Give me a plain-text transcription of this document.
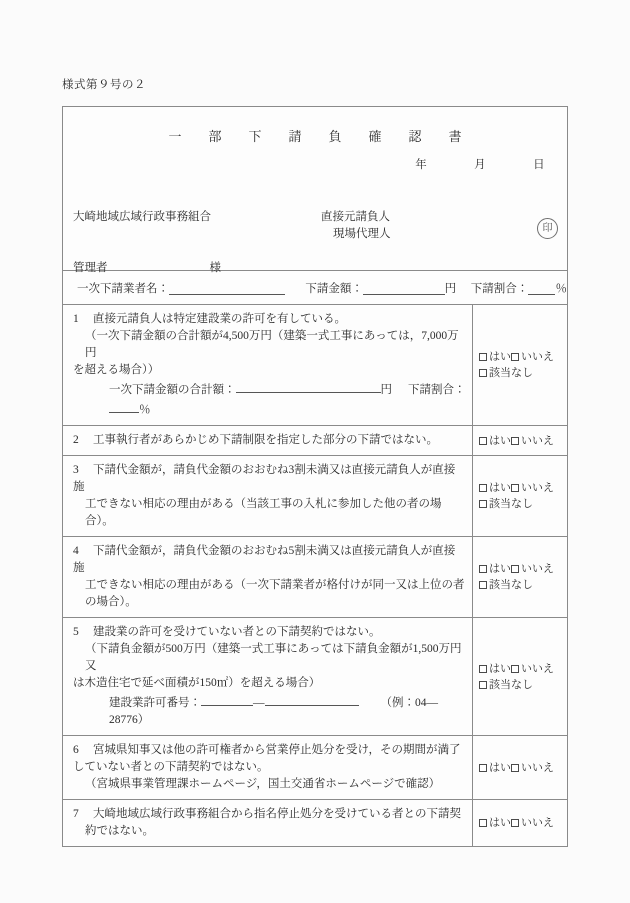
様式第９号の２
一　部　下　請　負　確　認　書
年　　　　月　　　　日

大崎地域広域行政事務組合

管理者	様

直接元請負人
現場代理人	印
一次下請業者名：	下請金額：	円 下請割合： ％
1 直接元請負人は特定建設業の許可を有している。
（一次下請金額の合計額が4,500万円（建築一式工事にあっては，7,000万円
を超える場合））
一次下請金額の合計額：	円 下請割合：％
はい いいえ
該当なし
2 工事執行者があらかじめ下請制限を指定した部分の下請ではない。	はい いいえ
3 下請代金額が，請負代金額のおおむね3割未満又は直接元請負人が直接施
工できない相応の理由がある（当該工事の入札に参加した他の者の場合）。
はい いいえ
該当なし
4 下請代金額が，請負代金額のおおむね5割未満又は直接元請負人が直接施
工できない相応の理由がある（一次下請業者が格付けが同一又は上位の者
の場合）。
はい いいえ
該当なし
5 建設業の許可を受けていない者との下請契約ではない。
（下請負金額が500万円（建築一式工事にあっては下請負金額が1,500万円又
は木造住宅で延べ面積が150㎡）を超える場合）
建設業許可番号：	—	（例：04—28776）
はい いいえ
該当なし
6 宮城県知事又は他の許可権者から営業停止処分を受け，その期間が満了
していない者との下請契約ではない。
（宮城県事業管理課ホームページ，国土交通省ホームページで確認）
はい いいえ
7 大崎地域広域行政事務組合から指名停止処分を受けている者との下請契
約ではない。
はい いいえ
